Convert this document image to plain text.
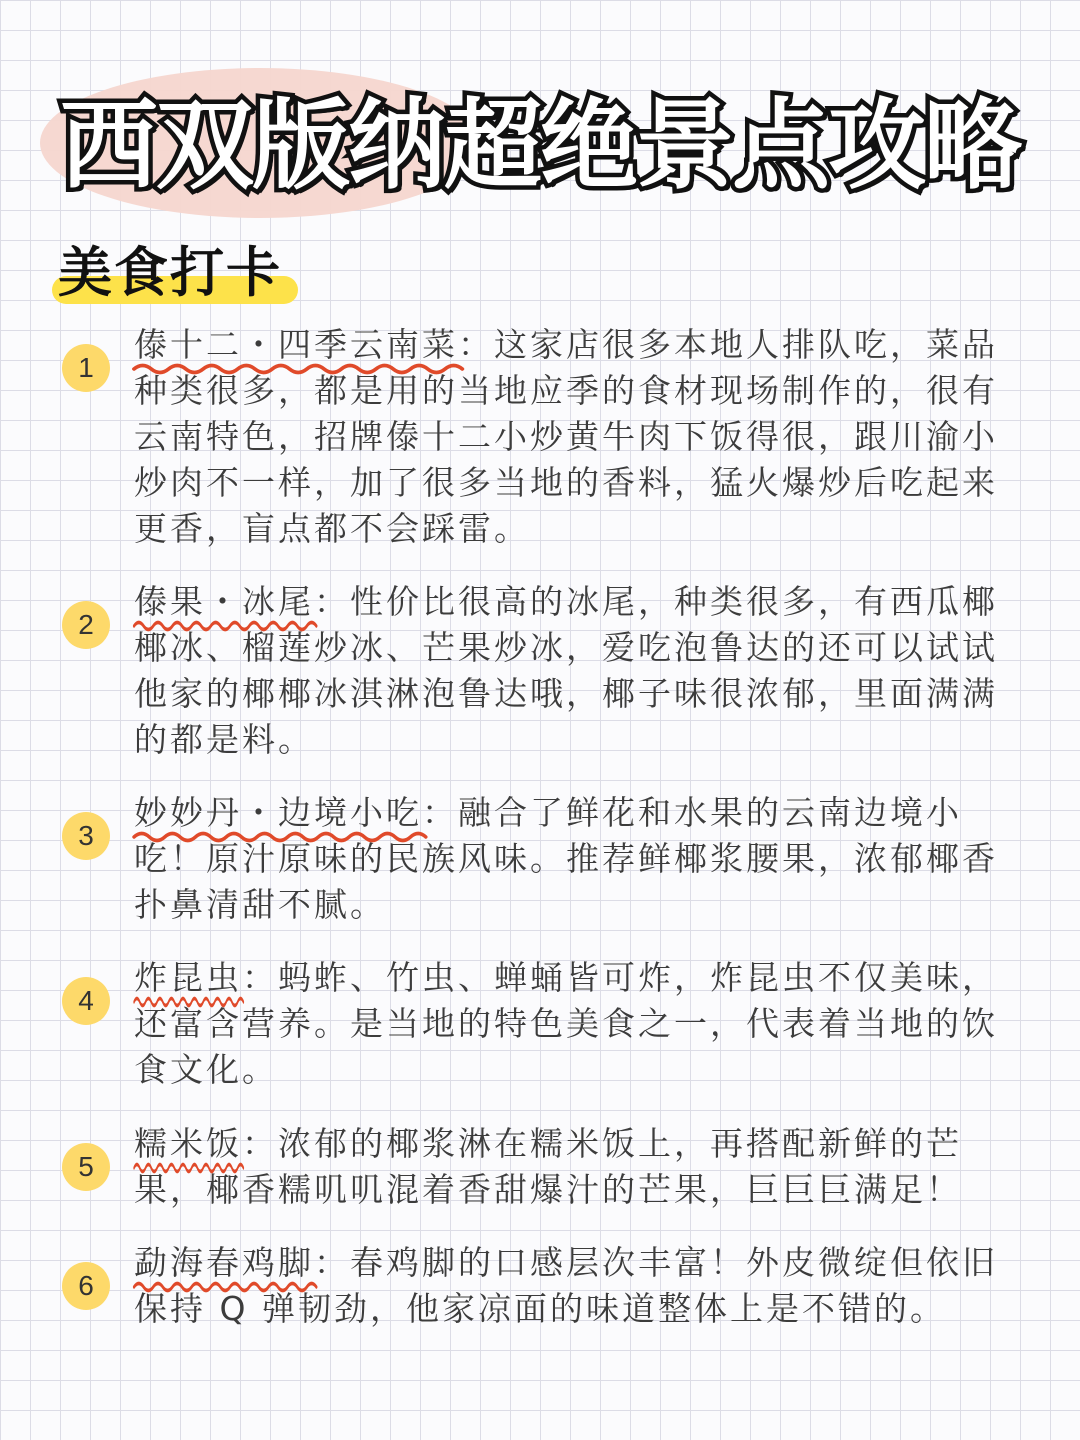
西双版纳超绝景点攻略
美食打卡
1
傣十二・四季云南菜
：这家店很多本地人排队吃，菜品种类很多，都是用的当地应季的食材现场制作的，很有云南特色，招牌傣十二小炒黄牛肉下饭得很，跟川渝小炒肉不一样，加了很多当地的香料，猛火爆炒后吃起来更香，盲点都不会踩雷。
2
傣果・冰尾
：性价比很高的冰尾，种类很多，有西瓜椰椰冰、榴莲炒冰、芒果炒冰，爱吃泡鲁达的还可以试试他家的椰椰冰淇淋泡鲁达哦，椰子味很浓郁，里面满满的都是料。
3
妙妙丹・边境小吃
：融合了鲜花和水果的云南边境小吃！原汁原味的民族风味。推荐鲜椰浆腰果，浓郁椰香扑鼻清甜不腻。
4
炸昆虫
：蚂蚱、竹虫、蝉蛹皆可炸，炸昆虫不仅美味，还富含营养。是当地的特色美食之一，代表着当地的饮食文化。
5
糯米饭
：浓郁的椰浆淋在糯米饭上，再搭配新鲜的芒果，椰香糯叽叽混着香甜爆汁的芒果，巨巨巨满足！
6
勐海春鸡脚
：春鸡脚的口感层次丰富！外皮微绽但依旧保持 Q 弹韧劲，他家凉面的味道整体上是不错的。
